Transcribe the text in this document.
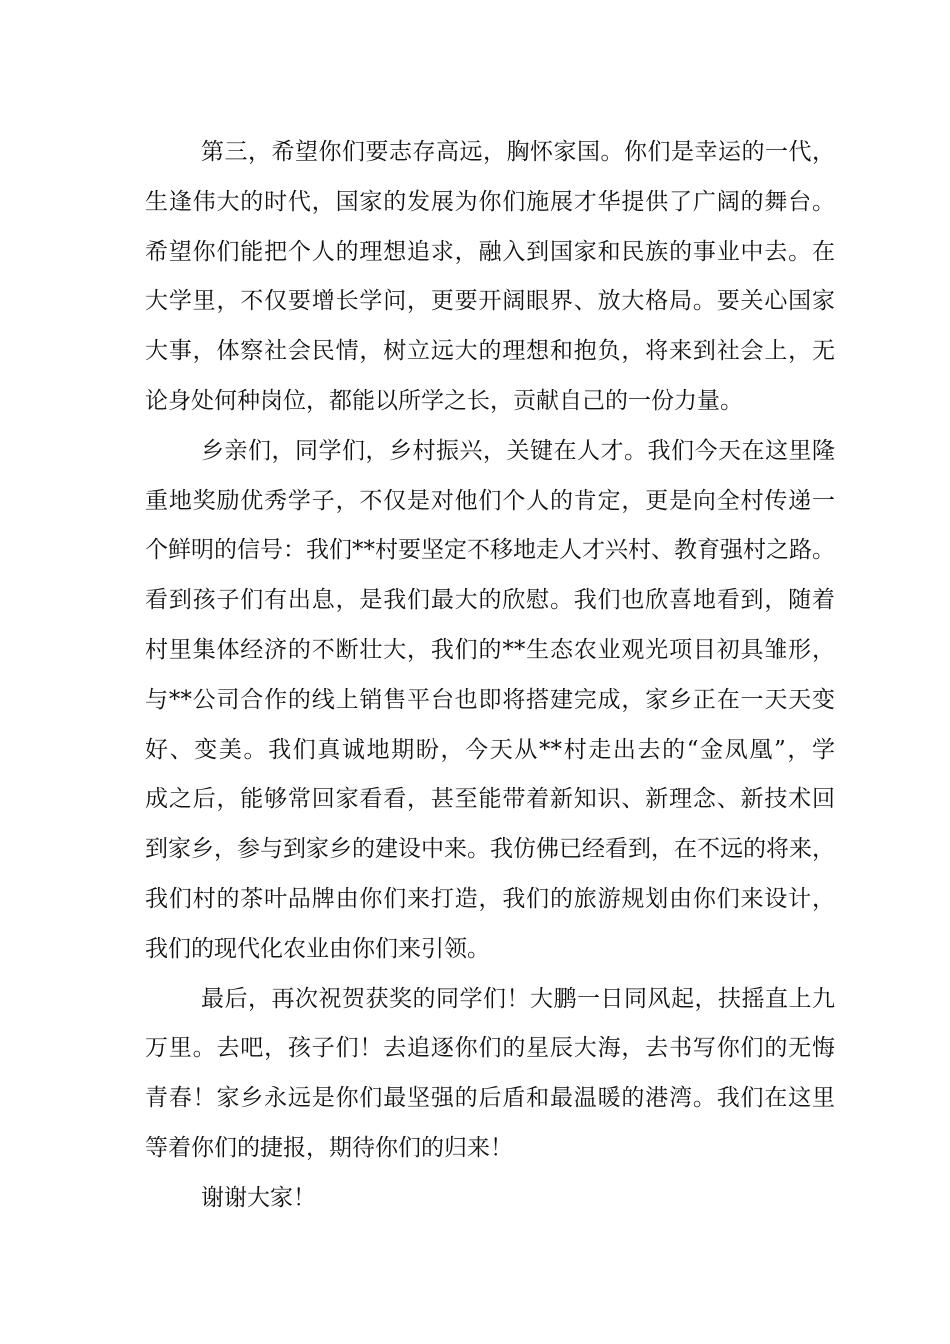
第三，希望你们要志存高远，胸怀家国。你们是幸运的一代，
生逢伟大的时代，国家的发展为你们施展才华提供了广阔的舞台。
希望你们能把个人的理想追求，融入到国家和民族的事业中去。在
大学里，不仅要增长学问，更要开阔眼界、放大格局。要关心国家
大事，体察社会民情，树立远大的理想和抱负，将来到社会上，无
论身处何种岗位，都能以所学之长，贡献自己的一份力量。
乡亲们，同学们，乡村振兴，关键在人才。我们今天在这里隆
重地奖励优秀学子，不仅是对他们个人的肯定，更是向全村传递一
个鲜明的信号：我们**村要坚定不移地走人才兴村、教育强村之路。
看到孩子们有出息，是我们最大的欣慰。我们也欣喜地看到，随着
村里集体经济的不断壮大，我们的**生态农业观光项目初具雏形，
与**公司合作的线上销售平台也即将搭建完成，家乡正在一天天变
好、变美。我们真诚地期盼，今天从**村走出去的“金凤凰”，学
成之后，能够常回家看看，甚至能带着新知识、新理念、新技术回
到家乡，参与到家乡的建设中来。我仿佛已经看到，在不远的将来，
我们村的茶叶品牌由你们来打造，我们的旅游规划由你们来设计，
我们的现代化农业由你们来引领。
最后，再次祝贺获奖的同学们！大鹏一日同风起，扶摇直上九
万里。去吧，孩子们！去追逐你们的星辰大海，去书写你们的无悔
青春！家乡永远是你们最坚强的后盾和最温暖的港湾。我们在这里
等着你们的捷报，期待你们的归来！
谢谢大家！
